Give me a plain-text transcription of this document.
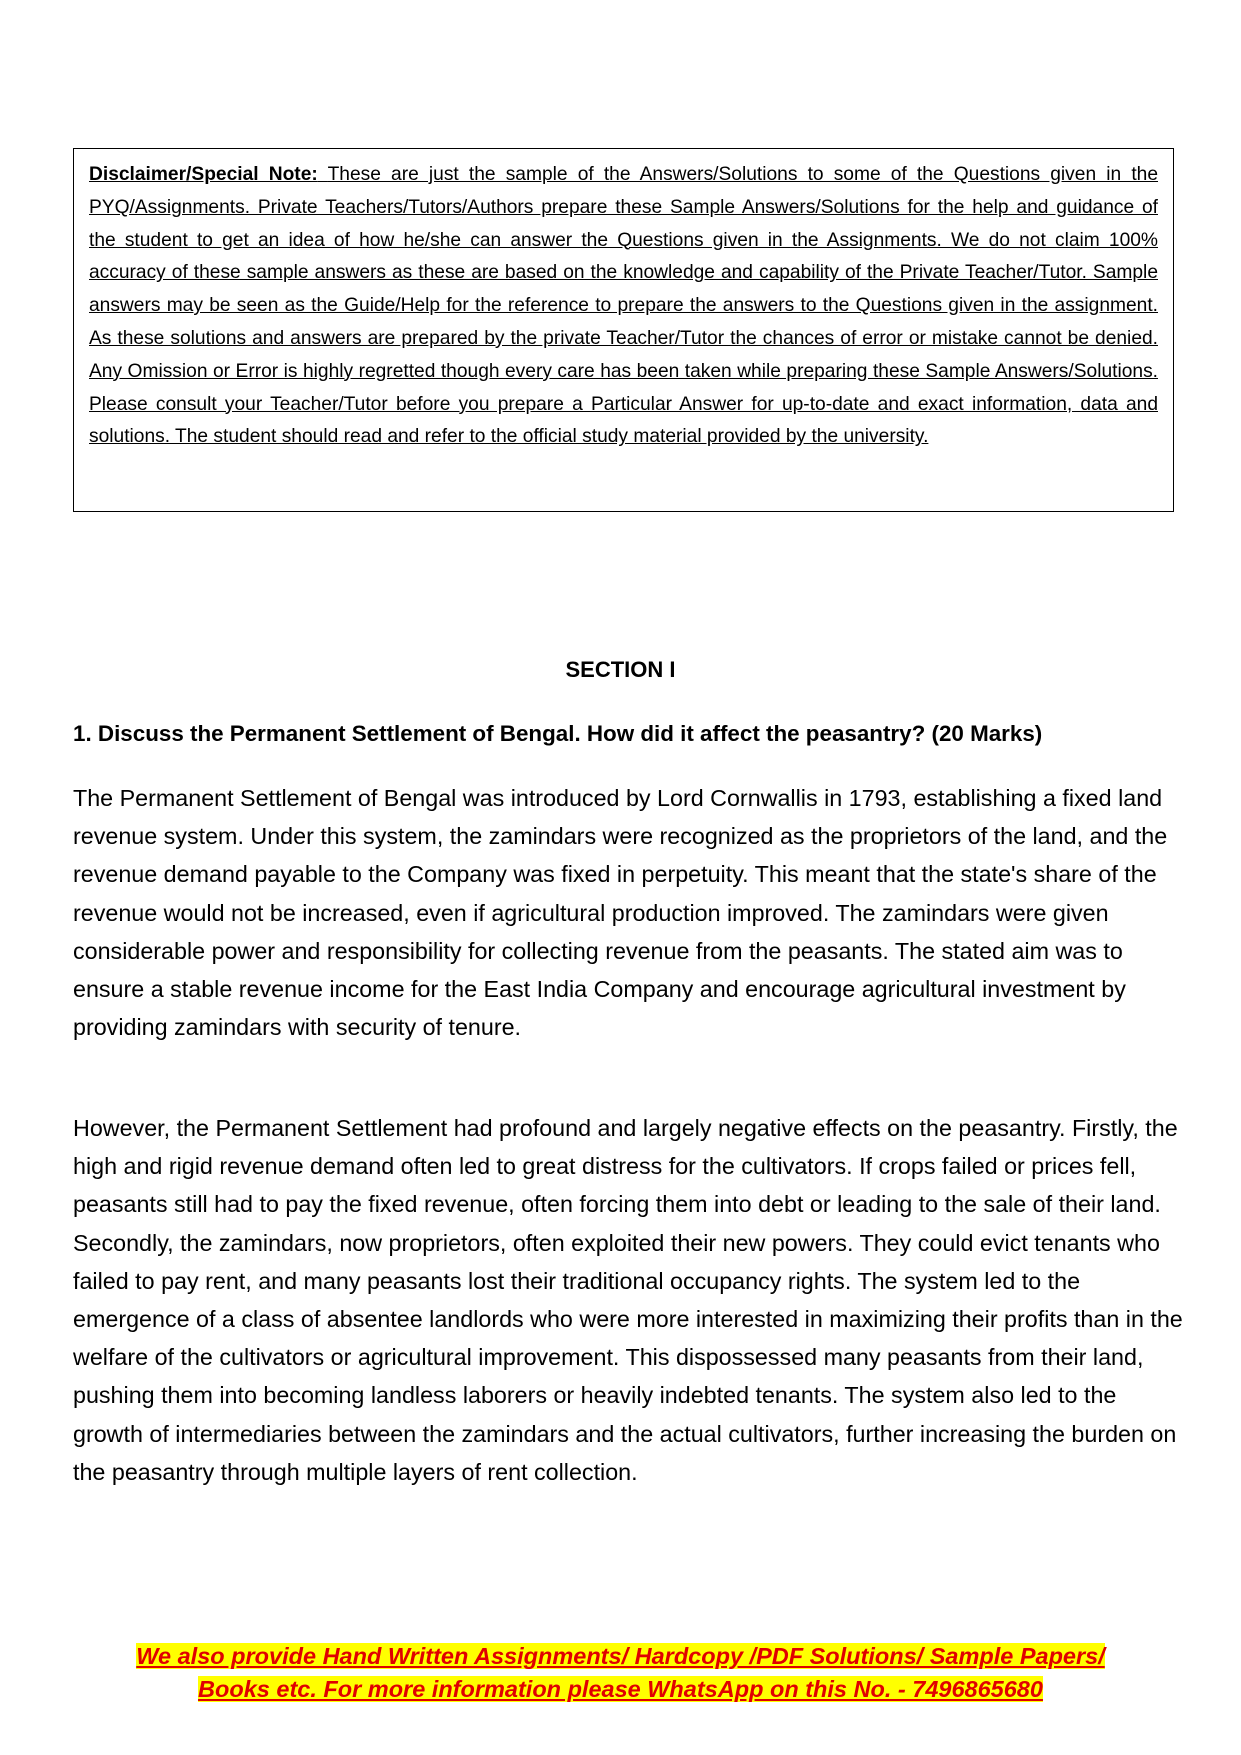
Disclaimer/Special Note: These are just the sample of the Answers/Solutions to some of the Questions given in the PYQ/Assignments. Private Teachers/Tutors/Authors prepare these Sample Answers/Solutions for the help and guidance of the student to get an idea of how he/she can answer the Questions given in the Assignments. We do not claim 100% accuracy of these sample answers as these are based on the knowledge and capability of the Private Teacher/Tutor. Sample answers may be seen as the Guide/Help for the reference to prepare the answers to the Questions given in the assignment. As these solutions and answers are prepared by the private Teacher/Tutor the chances of error or mistake cannot be denied. Any Omission or Error is highly regretted though every care has been taken while preparing these Sample Answers/Solutions. Please consult your Teacher/Tutor before you prepare a Particular Answer for up-to-date and exact information, data and solutions. The student should read and refer to the official study material provided by the university.
SECTION I
1. Discuss the Permanent Settlement of Bengal. How did it affect the peasantry? (20 Marks)

The Permanent Settlement of Bengal was introduced by Lord Cornwallis in 1793, establishing a fixed land revenue system. Under this system, the zamindars were recognized as the proprietors of the land, and the revenue demand payable to the Company was fixed in perpetuity. This meant that the state's share of the revenue would not be increased, even if agricultural production improved. The zamindars were given considerable power and responsibility for collecting revenue from the peasants. The stated aim was to ensure a stable revenue income for the East India Company and encourage agricultural investment by providing zamindars with security of tenure.

However, the Permanent Settlement had profound and largely negative effects on the peasantry. Firstly, the high and rigid revenue demand often led to great distress for the cultivators. If crops failed or prices fell, peasants still had to pay the fixed revenue, often forcing them into debt or leading to the sale of their land. Secondly, the zamindars, now proprietors, often exploited their new powers. They could evict tenants who failed to pay rent, and many peasants lost their traditional occupancy rights. The system led to the emergence of a class of absentee landlords who were more interested in maximizing their profits than in the welfare of the cultivators or agricultural improvement. This dispossessed many peasants from their land, pushing them into becoming landless laborers or heavily indebted tenants. The system also led to the growth of intermediaries between the zamindars and the actual cultivators, further increasing the burden on the peasantry through multiple layers of rent collection.

We also provide Hand Written Assignments/ Hardcopy /PDF Solutions/ Sample Papers/
Books etc. For more information please WhatsApp on this No. - 7496865680
